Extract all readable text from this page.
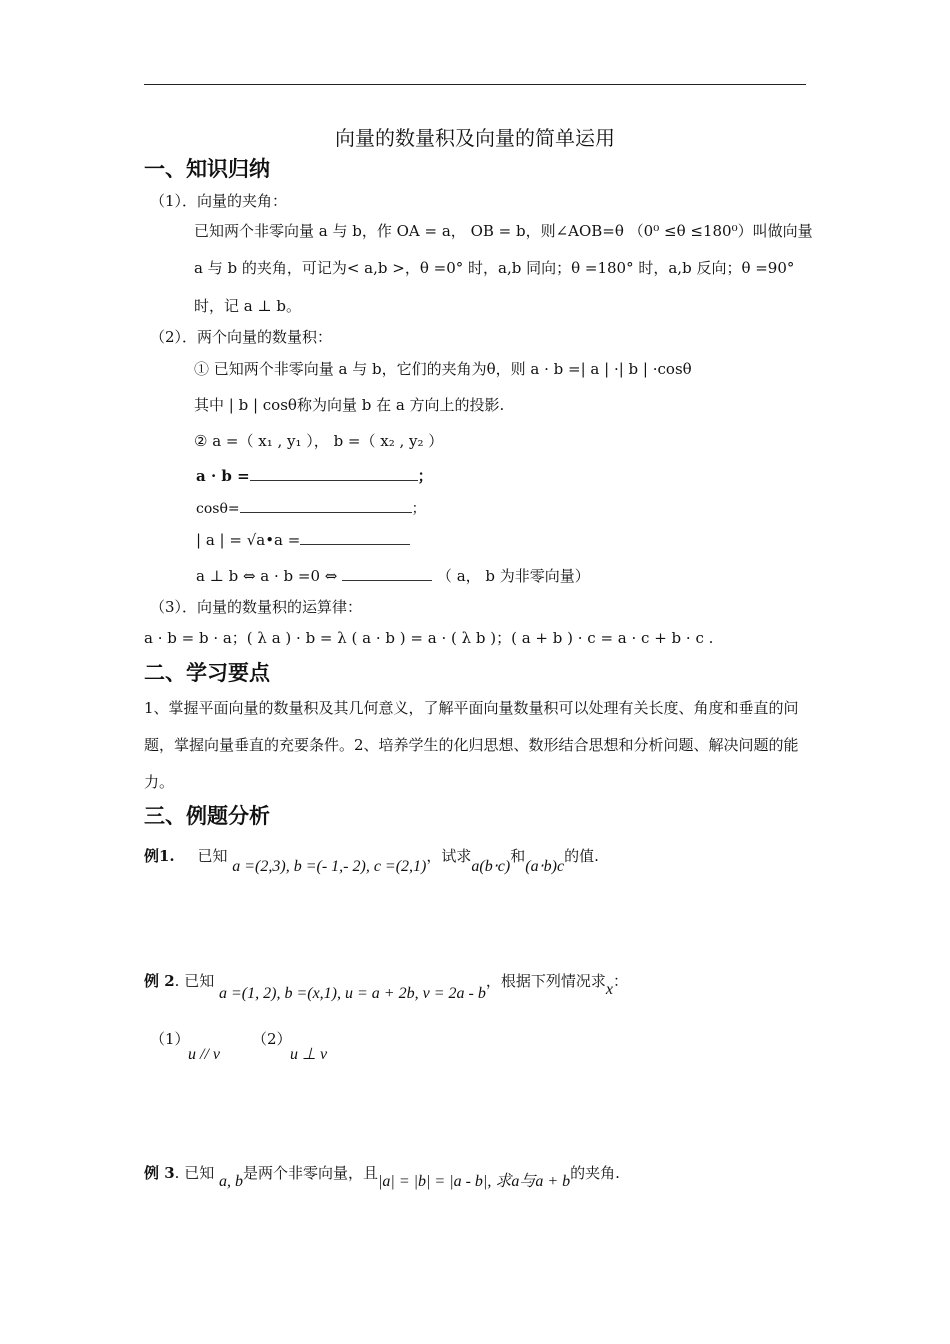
向量的数量积及向量的简单运用
一、知识归纳
（1）．向量的夹角：
已知两个非零向量 a 与 b，作 OA = a， OB = b，则∠AOB=θ （0⁰ ≤θ ≤180⁰）叫做向量
a 与 b 的夹角，可记为< a,b >，θ =0° 时，a,b 同向；θ =180° 时，a,b 反向；θ =90°
时，记 a ⊥ b。
（2）．两个向量的数量积：
① 已知两个非零向量 a 与 b，它们的夹角为θ，则 a · b =| a | ·| b | ·cosθ
其中 | b | cosθ称为向量 b 在 a 方向上的投影.
② a =（ x₁ , y₁ ）， b =（ x₂ , y₂ ）
a · b =	；
cosθ=	；
| a | = √a•a =
a ⊥ b ⇔ a · b =0 ⇔	（ a， b 为非零向量）
（3）．向量的数量积的运算律：
a · b = b · a；( λ a ) · b = λ ( a · b ) = a · ( λ b )；( a + b ) · c = a · c + b · c .
二、学习要点
1、掌握平面向量的数量积及其几何意义，了解平面向量数量积可以处理有关长度、角度和垂直的问题，掌握向量垂直的充要条件。2、培养学生的化归思想、数形结合思想和分析问题、解决问题的能力。
三、例题分析
例1. 已知 a =(2,3), b =(- 1,- 2), c =(2,1)，试求a(b⋅c)和(a⋅b)c的值.
例 2. 已知 a =(1, 2), b =(x,1), u = a + 2b, v = 2a - b，根据下列情况求x：
（1）
u // v
（2）
u ⊥ v
例 3. 已知 a, b是两个非零向量，且|a| = |b| = |a - b|, 求a与a + b的夹角.
